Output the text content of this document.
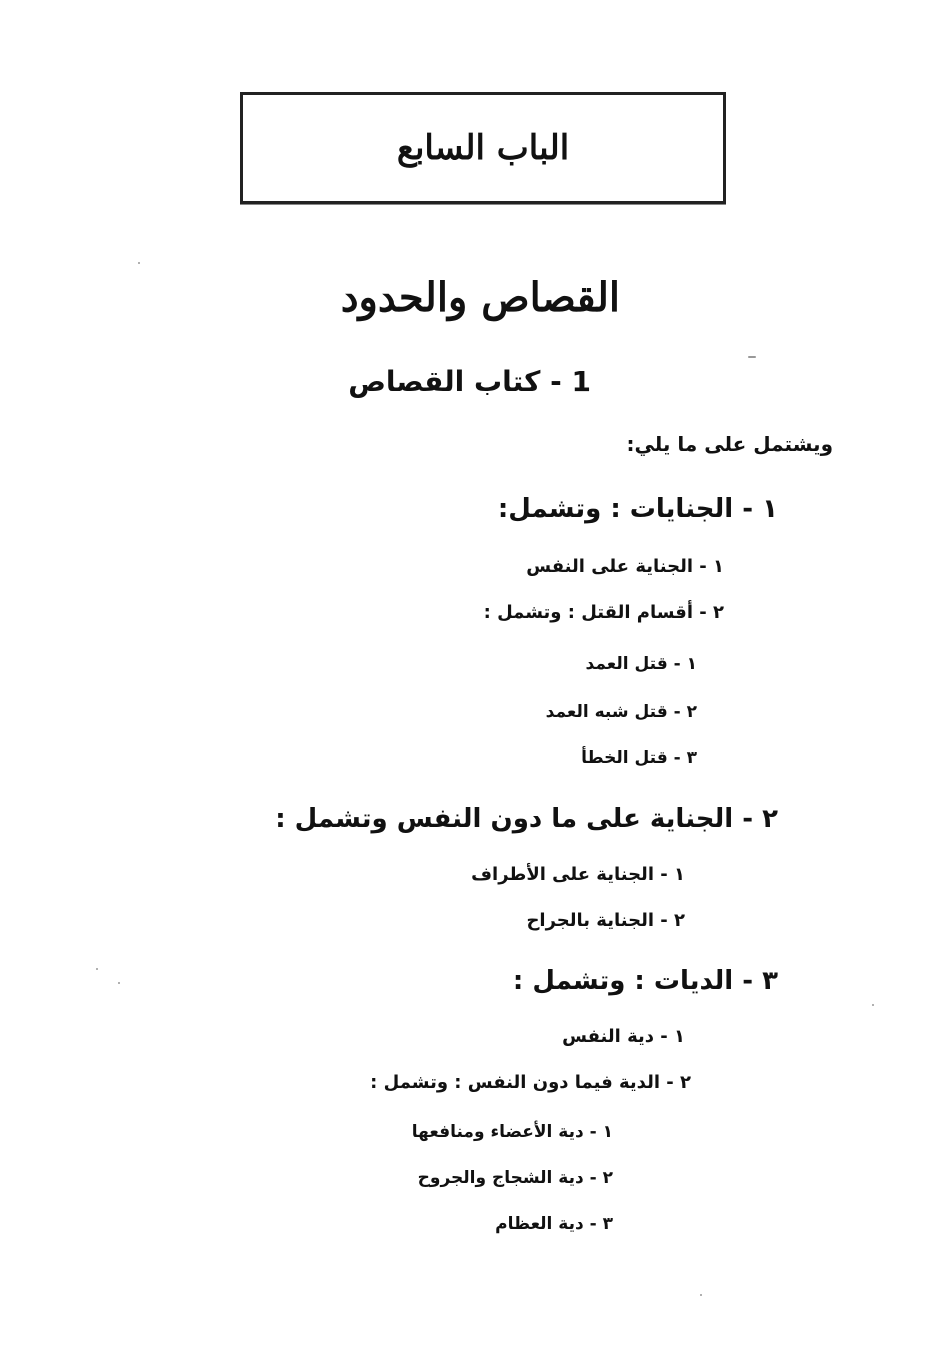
الباب السابع
القصاص والحدود
1 - كتاب القصاص
ويشتمل على ما يلي:
١ - الجنايات : وتشمل:
١ - الجناية على النفس
٢ - أقسام القتل : وتشمل :
١ - قتل العمد
٢ - قتل شبه العمد
٣ - قتل الخطأ
٢ - الجناية على ما دون النفس وتشمل :
١ - الجناية على الأطراف
٢ - الجناية بالجراح
٣ - الديات : وتشمل :
١ - دية النفس
٢ - الدية فيما دون النفس : وتشمل :
١ - دية الأعضاء ومنافعها
٢ - دية الشجاج والجروح
٣ - دية العظام
